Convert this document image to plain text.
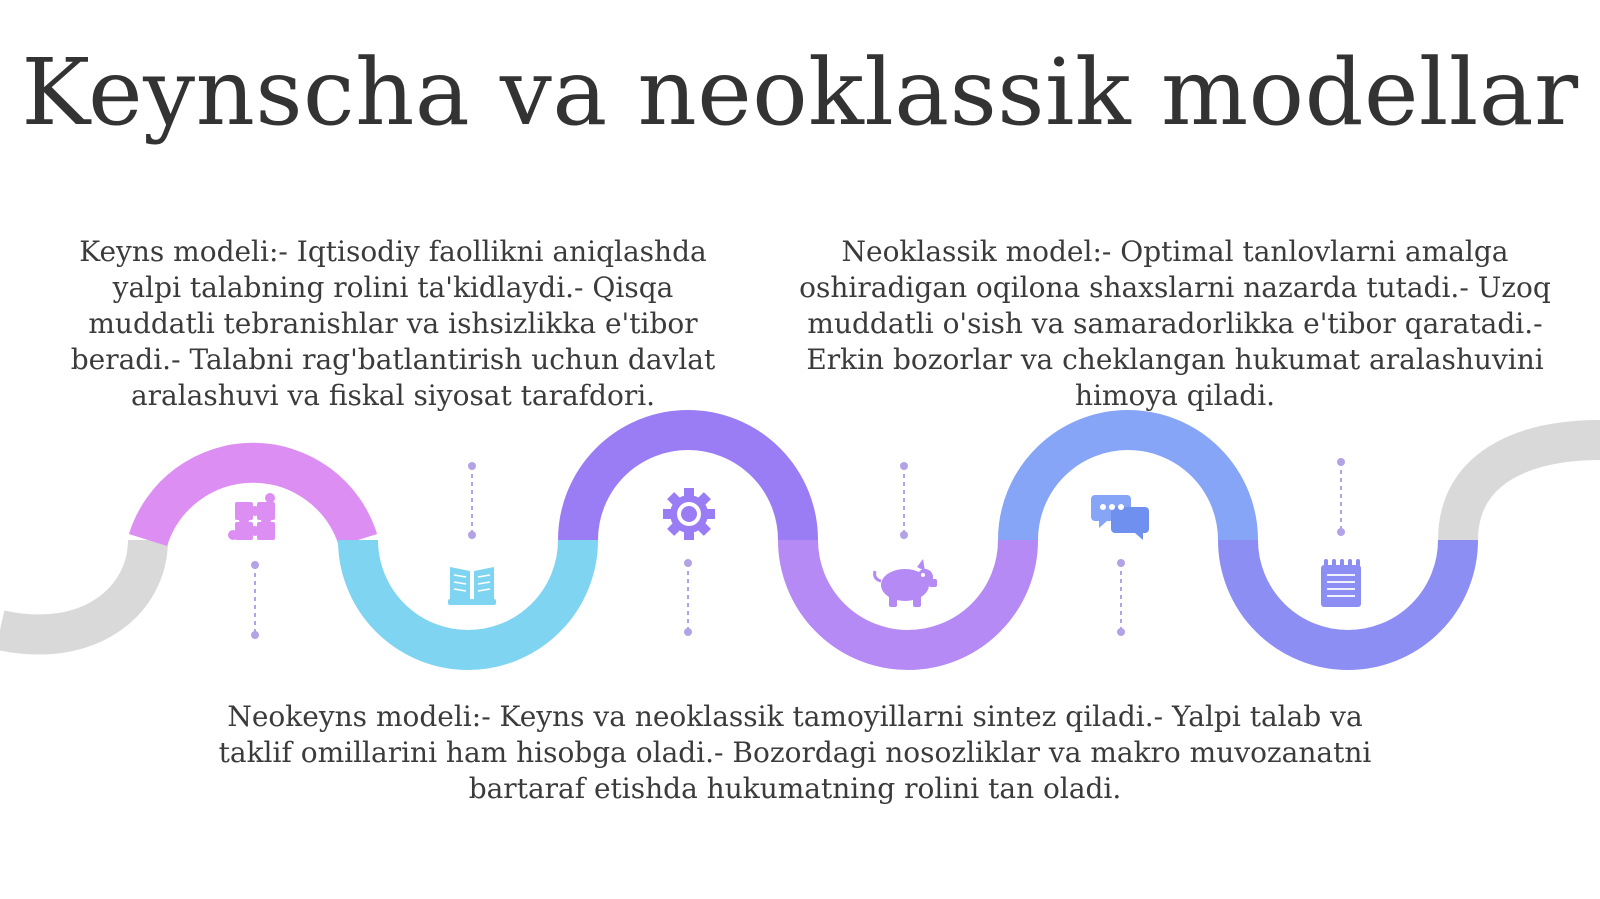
Keynscha va neoklassik modellar
Keyns modeli:- Iqtisodiy faollikni aniqlashda yalpi talabning rolini ta'kidlaydi.- Qisqa muddatli tebranishlar va ishsizlikka e'tibor beradi.- Talabni rag'batlantirish uchun davlat aralashuvi va fiskal siyosat tarafdori.
Neoklassik model:- Optimal tanlovlarni amalga oshiradigan oqilona shaxslarni nazarda tutadi.- Uzoq muddatli o'sish va samaradorlikka e'tibor qaratadi.- Erkin bozorlar va cheklangan hukumat aralashuvini himoya qiladi.
Neokeyns modeli:- Keyns va neoklassik tamoyillarni sintez qiladi.- Yalpi talab va taklif omillarini ham hisobga oladi.- Bozordagi nosozliklar va makro muvozanatni bartaraf etishda hukumatning rolini tan oladi.
